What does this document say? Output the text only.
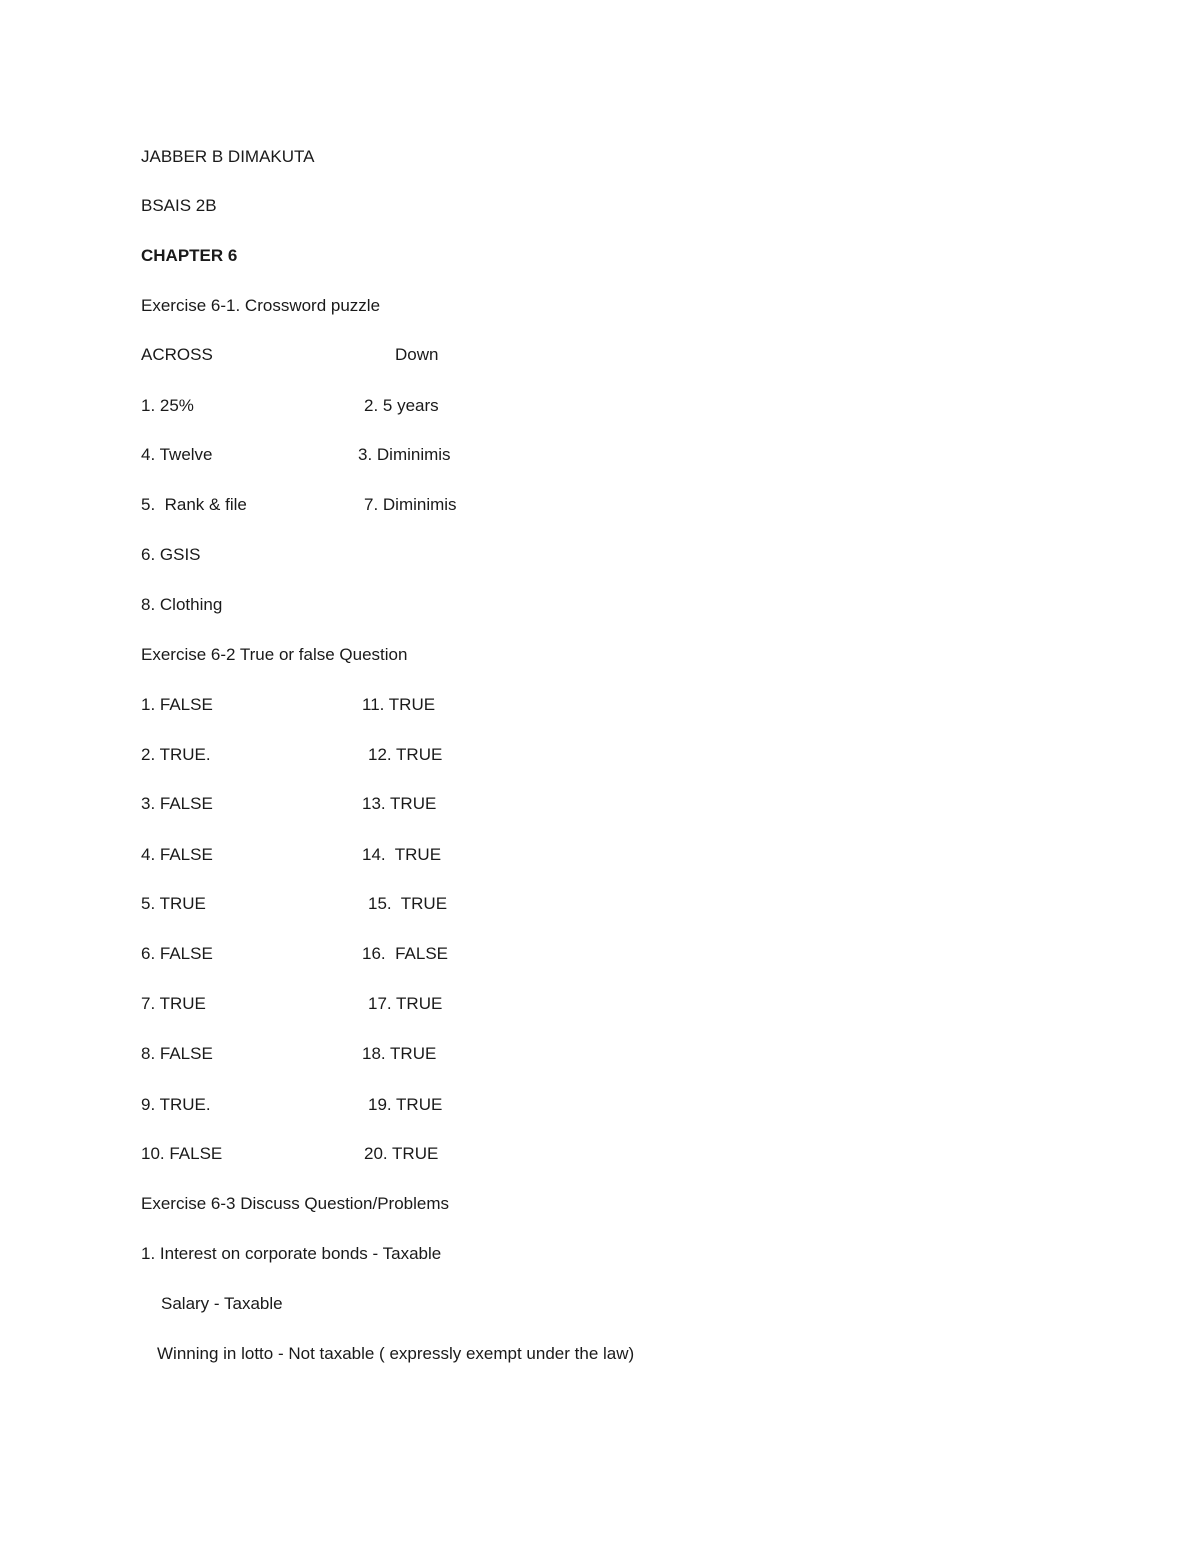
JABBER B DIMAKUTA
BSAIS 2B
CHAPTER 6
Exercise 6-1. Crossword puzzle
ACROSS	Down
1. 25%	2. 5 years
4. Twelve	3. Diminimis
5.  Rank & file	7. Diminimis
6. GSIS
8. Clothing
Exercise 6-2 True or false Question
1. FALSE	11. TRUE
2. TRUE.	12. TRUE
3. FALSE	13. TRUE
4. FALSE	14.  TRUE
5. TRUE	15.  TRUE
6. FALSE	16.  FALSE
7. TRUE	17. TRUE
8. FALSE	18. TRUE
9. TRUE.	19. TRUE
10. FALSE	20. TRUE
Exercise 6-3 Discuss Question/Problems
1. Interest on corporate bonds - Taxable
Salary - Taxable
Winning in lotto - Not taxable ( expressly exempt under the law)
